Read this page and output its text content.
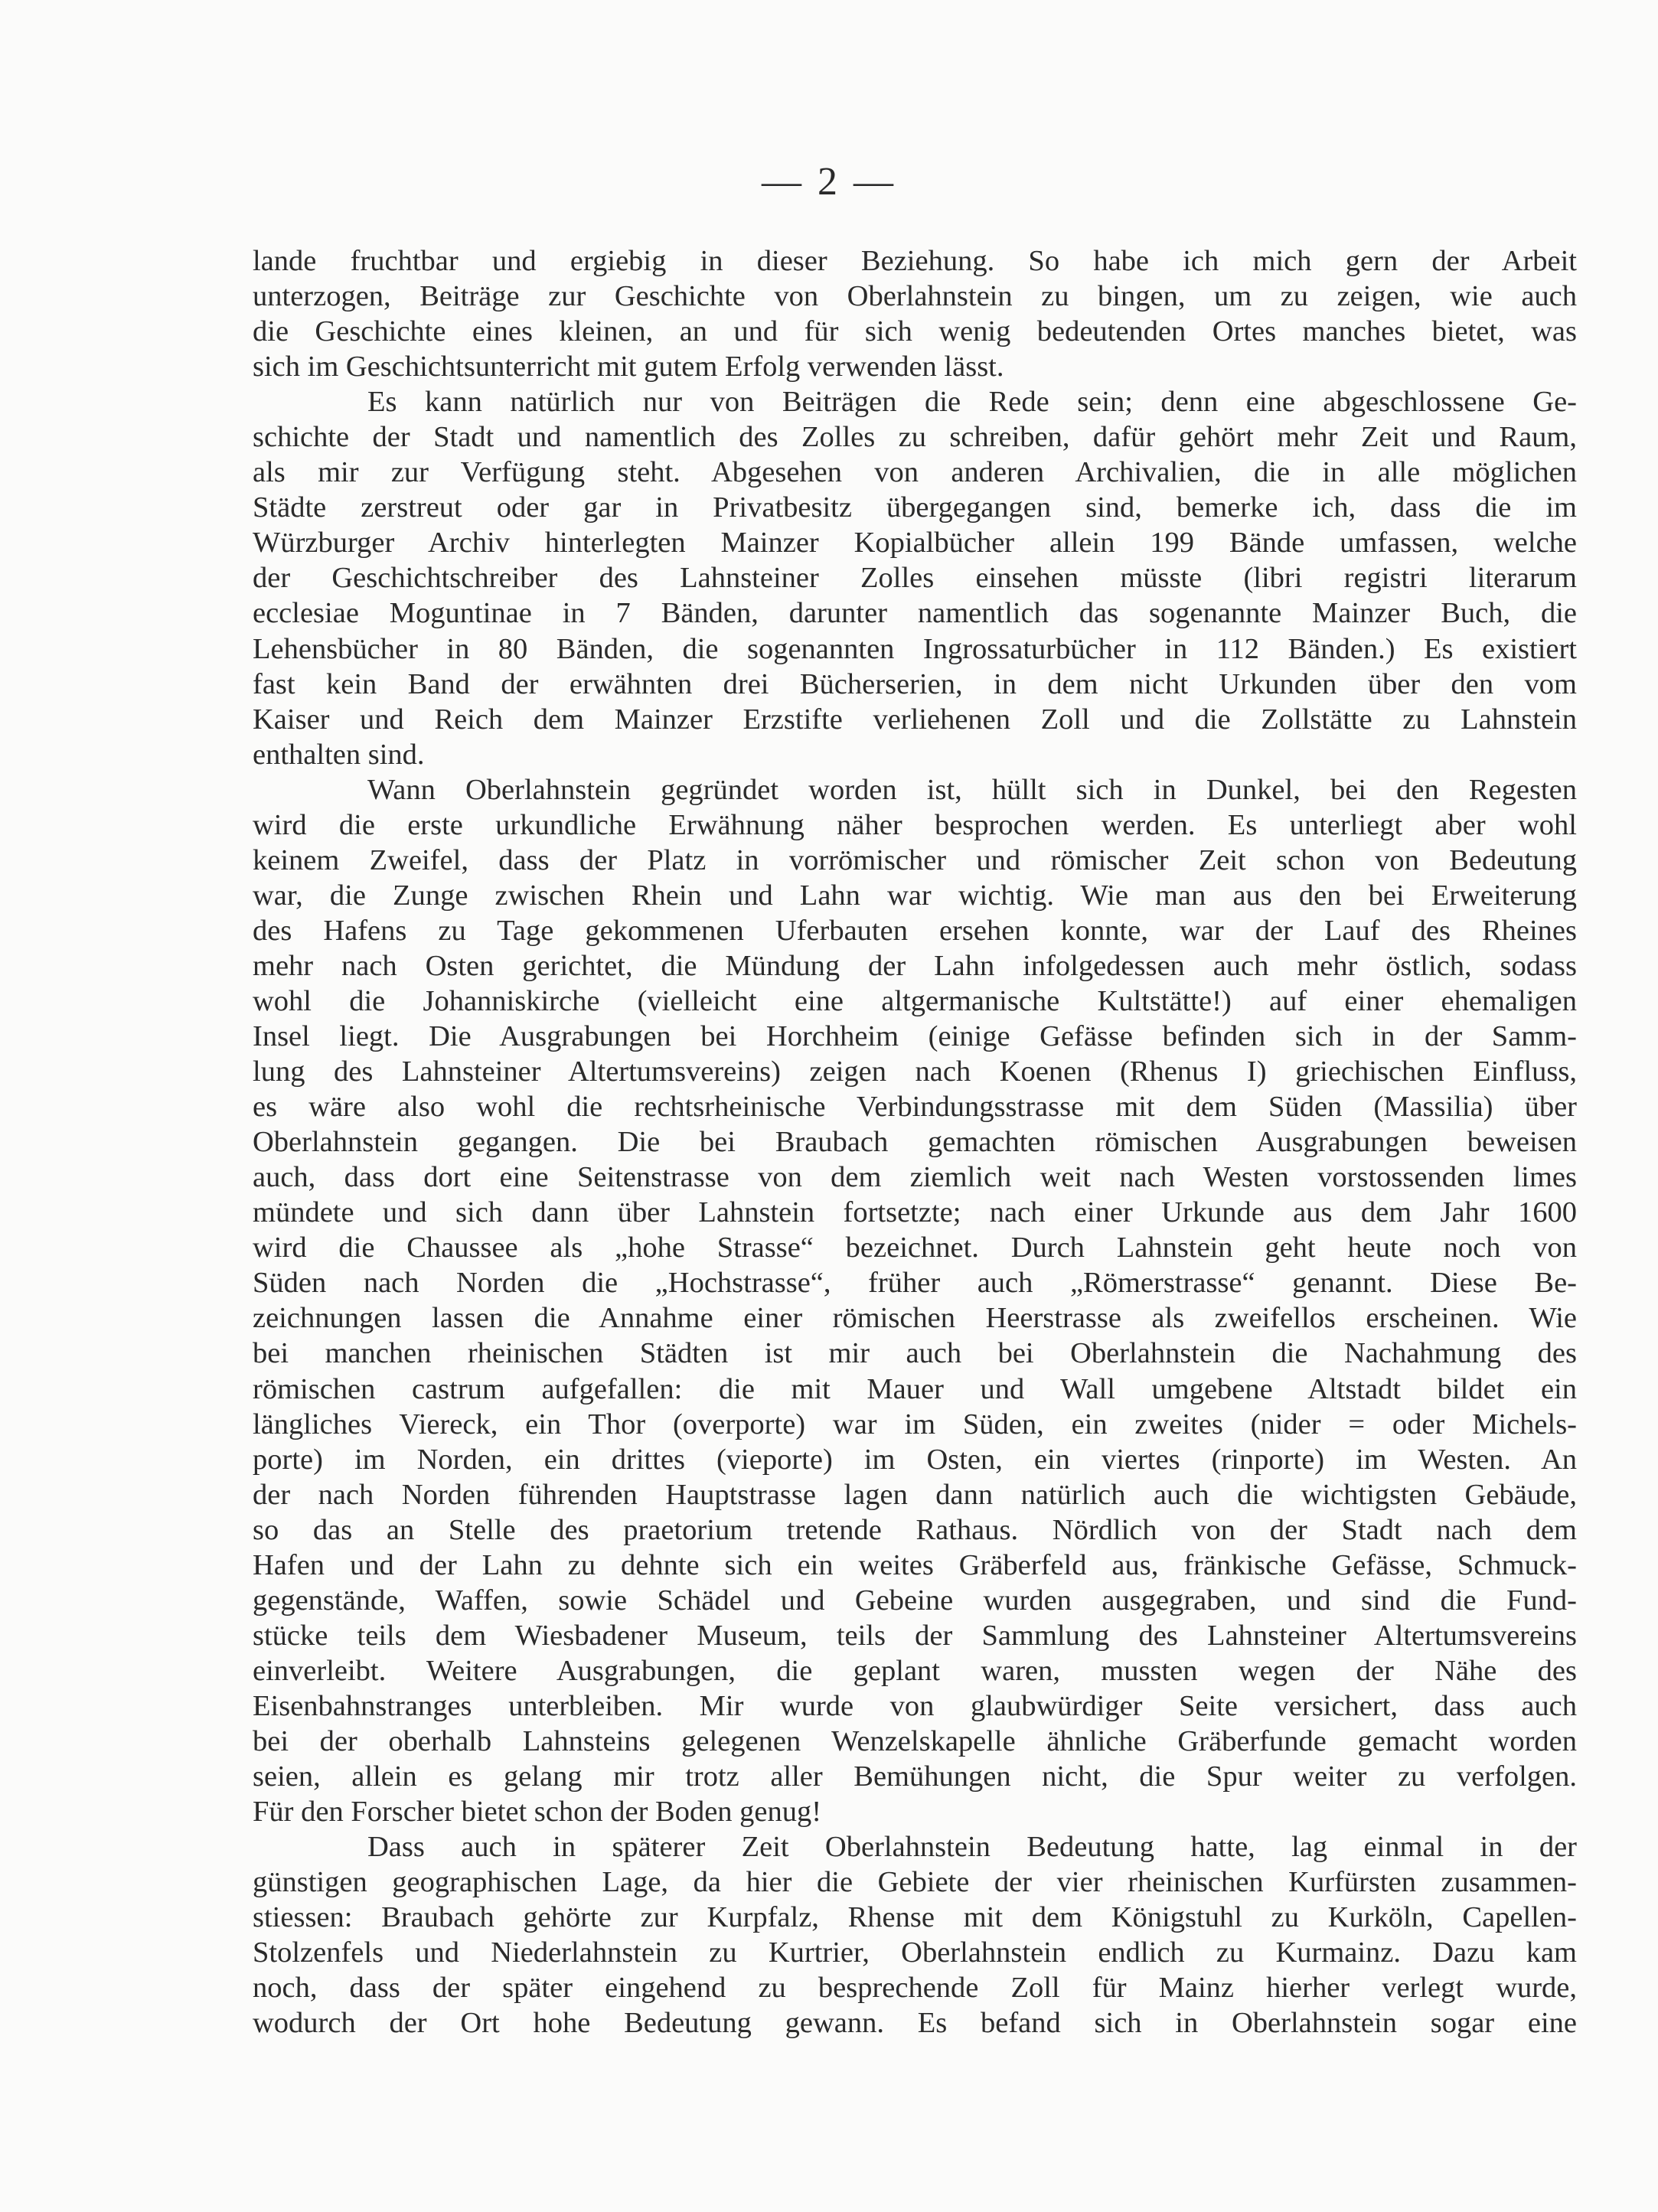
— 2 —
lande fruchtbar und ergiebig in dieser Beziehung. So habe ich mich gern der Arbeit
unterzogen, Beiträge zur Geschichte von Oberlahnstein zu bingen, um zu zeigen, wie auch
die Geschichte eines kleinen, an und für sich wenig bedeutenden Ortes manches bietet, was
sich im Geschichtsunterricht mit gutem Erfolg verwenden lässt.
Es kann natürlich nur von Beiträgen die Rede sein; denn eine abgeschlossene Ge-
schichte der Stadt und namentlich des Zolles zu schreiben, dafür gehört mehr Zeit und Raum,
als mir zur Verfügung steht. Abgesehen von anderen Archivalien, die in alle möglichen
Städte zerstreut oder gar in Privatbesitz übergegangen sind, bemerke ich, dass die im
Würzburger Archiv hinterlegten Mainzer Kopialbücher allein 199 Bände umfassen, welche
der Geschichtschreiber des Lahnsteiner Zolles einsehen müsste (libri registri literarum
ecclesiae Moguntinae in 7 Bänden, darunter namentlich das sogenannte Mainzer Buch, die
Lehensbücher in 80 Bänden, die sogenannten Ingrossaturbücher in 112 Bänden.) Es existiert
fast kein Band der erwähnten drei Bücherserien, in dem nicht Urkunden über den vom
Kaiser und Reich dem Mainzer Erzstifte verliehenen Zoll und die Zollstätte zu Lahnstein
enthalten sind.
Wann Oberlahnstein gegründet worden ist, hüllt sich in Dunkel, bei den Regesten
wird die erste urkundliche Erwähnung näher besprochen werden. Es unterliegt aber wohl
keinem Zweifel, dass der Platz in vorrömischer und römischer Zeit schon von Bedeutung
war, die Zunge zwischen Rhein und Lahn war wichtig. Wie man aus den bei Erweiterung
des Hafens zu Tage gekommenen Uferbauten ersehen konnte, war der Lauf des Rheines
mehr nach Osten gerichtet, die Mündung der Lahn infolgedessen auch mehr östlich, sodass
wohl die Johanniskirche (vielleicht eine altgermanische Kultstätte!) auf einer ehemaligen
Insel liegt. Die Ausgrabungen bei Horchheim (einige Gefässe befinden sich in der Samm-
lung des Lahnsteiner Altertumsvereins) zeigen nach Koenen (Rhenus I) griechischen Einfluss,
es wäre also wohl die rechtsrheinische Verbindungsstrasse mit dem Süden (Massilia) über
Oberlahnstein gegangen. Die bei Braubach gemachten römischen Ausgrabungen beweisen
auch, dass dort eine Seitenstrasse von dem ziemlich weit nach Westen vorstossenden limes
mündete und sich dann über Lahnstein fortsetzte; nach einer Urkunde aus dem Jahr 1600
wird die Chaussee als „hohe Strasse“ bezeichnet. Durch Lahnstein geht heute noch von
Süden nach Norden die „Hochstrasse“, früher auch „Römerstrasse“ genannt. Diese Be-
zeichnungen lassen die Annahme einer römischen Heerstrasse als zweifellos erscheinen. Wie
bei manchen rheinischen Städten ist mir auch bei Oberlahnstein die Nachahmung des
römischen castrum aufgefallen: die mit Mauer und Wall umgebene Altstadt bildet ein
längliches Viereck, ein Thor (overporte) war im Süden, ein zweites (nider = oder Michels-
porte) im Norden, ein drittes (vieporte) im Osten, ein viertes (rinporte) im Westen. An
der nach Norden führenden Hauptstrasse lagen dann natürlich auch die wichtigsten Gebäude,
so das an Stelle des praetorium tretende Rathaus. Nördlich von der Stadt nach dem
Hafen und der Lahn zu dehnte sich ein weites Gräberfeld aus, fränkische Gefässe, Schmuck-
gegenstände, Waffen, sowie Schädel und Gebeine wurden ausgegraben, und sind die Fund-
stücke teils dem Wiesbadener Museum, teils der Sammlung des Lahnsteiner Altertumsvereins
einverleibt. Weitere Ausgrabungen, die geplant waren, mussten wegen der Nähe des
Eisenbahnstranges unterbleiben. Mir wurde von glaubwürdiger Seite versichert, dass auch
bei der oberhalb Lahnsteins gelegenen Wenzelskapelle ähnliche Gräberfunde gemacht worden
seien, allein es gelang mir trotz aller Bemühungen nicht, die Spur weiter zu verfolgen.
Für den Forscher bietet schon der Boden genug!
Dass auch in späterer Zeit Oberlahnstein Bedeutung hatte, lag einmal in der
günstigen geographischen Lage, da hier die Gebiete der vier rheinischen Kurfürsten zusammen-
stiessen: Braubach gehörte zur Kurpfalz, Rhense mit dem Königstuhl zu Kurköln, Capellen-
Stolzenfels und Niederlahnstein zu Kurtrier, Oberlahnstein endlich zu Kurmainz. Dazu kam
noch, dass der später eingehend zu besprechende Zoll für Mainz hierher verlegt wurde,
wodurch der Ort hohe Bedeutung gewann. Es befand sich in Oberlahnstein sogar eine
